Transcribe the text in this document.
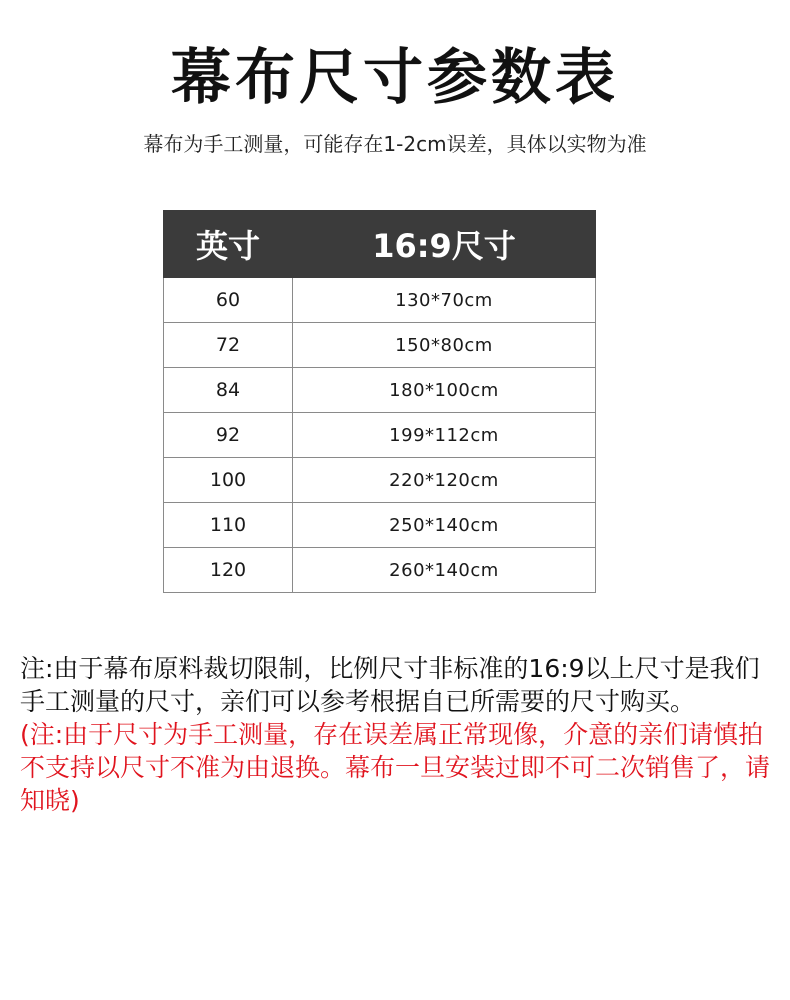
幕布尺寸参数表
幕布为手工测量，可能存在1-2cm误差，具体以实物为准
英寸	16:9尺寸
60	130*70cm
72	150*80cm
84	180*100cm
92	199*112cm
100	220*120cm
110	250*140cm
120	260*140cm

注:由于幕布原料裁切限制，比例尺寸非标准的16:9以上尺寸是我们手工测量的尺寸，亲们可以参考根据自已所需要的尺寸购买。

(注:由于尺寸为手工测量，存在误差属正常现像，介意的亲们请慎拍不支持以尺寸不准为由退换。幕布一旦安装过即不可二次销售了，请知晓)
